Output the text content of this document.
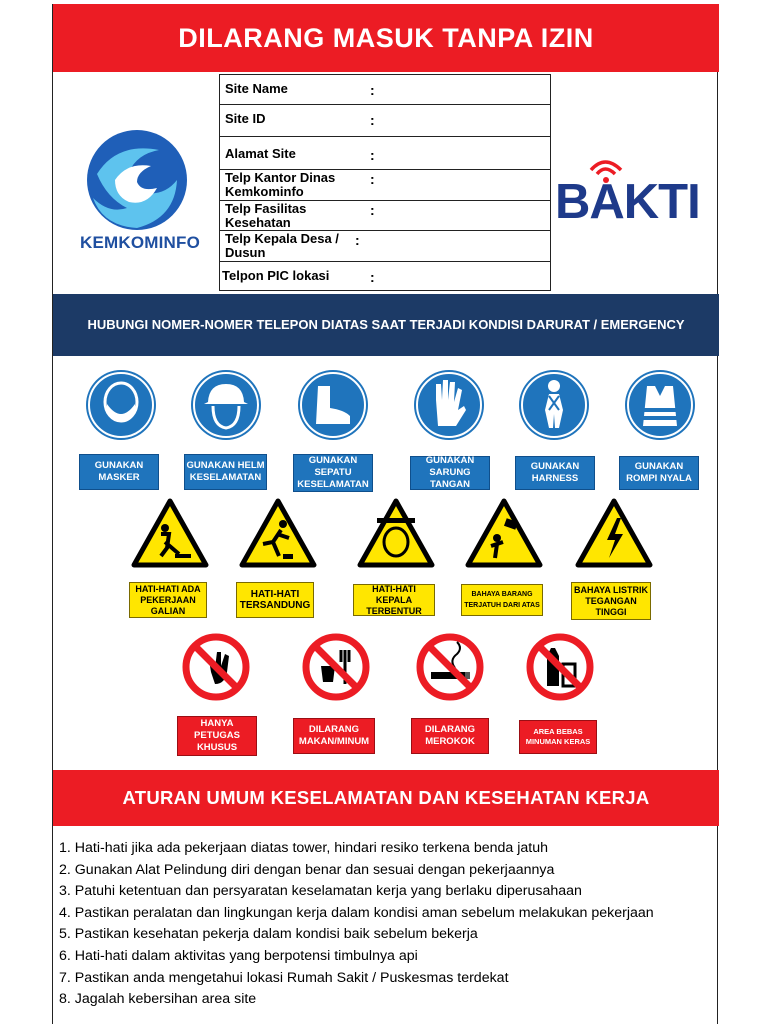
DILARANG MASUK TANPA IZIN
KEMKOMINFO
Site Name	:
Site ID	:
Alamat Site	:
Telp Kantor Dinas Kemkominfo
:
Telp Fasilitas Kesehatan
:
Telp Kepala Desa / Dusun
:
Telpon PIC lokasi	:
BAKTI
HUBUNGI NOMER-NOMER TELEPON DIATAS SAAT TERJADI KONDISI DARURAT / EMERGENCY
GUNAKAN MASKER
GUNAKAN HELM KESELAMATAN
GUNAKAN SEPATU KESELAMATAN
GUNAKAN SARUNG TANGAN
GUNAKAN HARNESS
GUNAKAN ROMPI NYALA
HATI-HATI ADA PEKERJAAN GALIAN
HATI-HATI TERSANDUNG
HATI-HATI KEPALA TERBENTUR
BAHAYA BARANG TERJATUH DARI ATAS
BAHAYA LISTRIK TEGANGAN TINGGI
HANYA PETUGAS KHUSUS
DILARANG MAKAN/MINUM
DILARANG MEROKOK
AREA BEBAS MINUMAN KERAS
ATURAN UMUM KESELAMATAN DAN KESEHATAN KERJA
1. Hati-hati jika ada pekerjaan diatas tower, hindari resiko terkena benda jatuh
2. Gunakan Alat Pelindung diri dengan benar dan sesuai dengan pekerjaannya
3. Patuhi ketentuan dan persyaratan keselamatan kerja yang berlaku diperusahaan
4. Pastikan peralatan dan lingkungan kerja dalam kondisi aman sebelum melakukan pekerjaan
5. Pastikan kesehatan pekerja dalam kondisi baik sebelum bekerja
6. Hati-hati dalam aktivitas yang berpotensi timbulnya api
7. Pastikan anda mengetahui lokasi Rumah Sakit / Puskesmas terdekat
8. Jagalah kebersihan area site
